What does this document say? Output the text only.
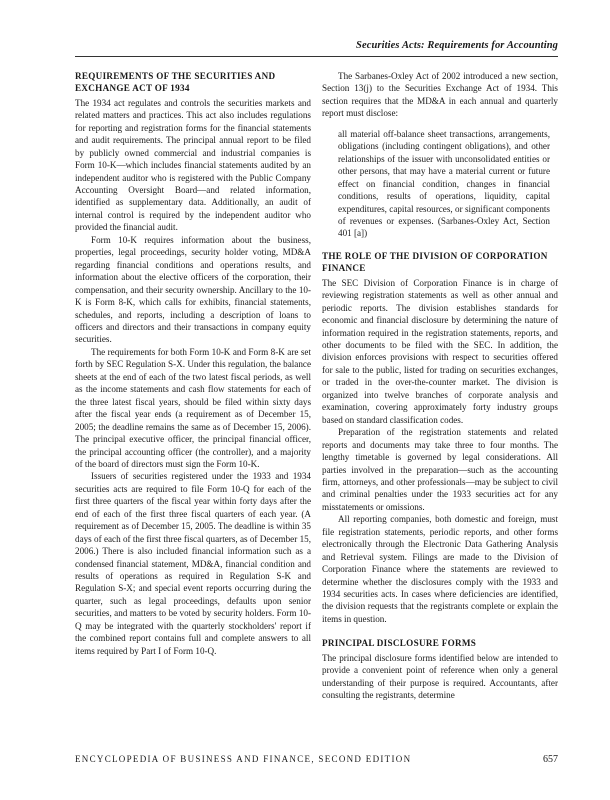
Securities Acts: Requirements for Accounting
REQUIREMENTS OF THE SECURITIES AND EXCHANGE ACT OF 1934

The 1934 act regulates and controls the securities markets and related matters and practices. This act also includes regulations for reporting and registration forms for the financial statements and audit requirements. The principal annual report to be filed by publicly owned commercial and industrial companies is Form 10-K—which includes financial statements audited by an independent auditor who is registered with the Public Company Accounting Oversight Board—and related information, identified as supplementary data. Additionally, an audit of internal control is required by the independent auditor who provided the financial audit.

Form 10-K requires information about the business, properties, legal proceedings, security holder voting, MD&A regarding financial conditions and operations results, and information about the elective officers of the corporation, their compensation, and their security ownership. Ancillary to the 10-K is Form 8-K, which calls for exhibits, financial statements, schedules, and reports, including a description of loans to officers and directors and their transactions in company equity securities.

The requirements for both Form 10-K and Form 8-K are set forth by SEC Regulation S-X. Under this regulation, the balance sheets at the end of each of the two latest fiscal periods, as well as the income statements and cash flow statements for each of the three latest fiscal years, should be filed within sixty days after the fiscal year ends (a requirement as of December 15, 2005; the deadline remains the same as of December 15, 2006). The principal executive officer, the principal financial officer, the principal accounting officer (the controller), and a majority of the board of directors must sign the Form 10-K.

Issuers of securities registered under the 1933 and 1934 securities acts are required to file Form 10-Q for each of the first three quarters of the fiscal year within forty days after the end of each of the first three fiscal quarters of each year. (A requirement as of December 15, 2005. The deadline is within 35 days of each of the first three fiscal quarters, as of December 15, 2006.) There is also included financial information such as a condensed financial statement, MD&A, financial condition and results of operations as required in Regulation S-K and Regulation S-X; and special event reports occurring during the quarter, such as legal proceedings, defaults upon senior securities, and matters to be voted by security holders. Form 10-Q may be integrated with the quarterly stockholders' report if the combined report contains full and complete answers to all items required by Part I of Form 10-Q.

The Sarbanes-Oxley Act of 2002 introduced a new section, Section 13(j) to the Securities Exchange Act of 1934. This section requires that the MD&A in each annual and quarterly report must disclose:

all material off-balance sheet transactions, arrangements, obligations (including contingent obligations), and other relationships of the issuer with unconsolidated entities or other persons, that may have a material current or future effect on financial condition, changes in financial conditions, results of operations, liquidity, capital expenditures, capital resources, or significant components of revenues or expenses. (Sarbanes-Oxley Act, Section 401 [a])
THE ROLE OF THE DIVISION OF CORPORATION FINANCE

The SEC Division of Corporation Finance is in charge of reviewing registration statements as well as other annual and periodic reports. The division establishes standards for economic and financial disclosure by determining the nature of information required in the registration statements, reports, and other documents to be filed with the SEC. In addition, the division enforces provisions with respect to securities offered for sale to the public, listed for trading on securities exchanges, or traded in the over-the-counter market. The division is organized into twelve branches of corporate analysis and examination, covering approximately forty industry groups based on standard classification codes.

Preparation of the registration statements and related reports and documents may take three to four months. The lengthy timetable is governed by legal considerations. All parties involved in the preparation—such as the accounting firm, attorneys, and other professionals—may be subject to civil and criminal penalties under the 1933 securities act for any misstatements or omissions.

All reporting companies, both domestic and foreign, must file registration statements, periodic reports, and other forms electronically through the Electronic Data Gathering Analysis and Retrieval system. Filings are made to the Division of Corporation Finance where the statements are reviewed to determine whether the disclosures comply with the 1933 and 1934 securities acts. In cases where deficiencies are identified, the division requests that the registrants complete or explain the items in question.

PRINCIPAL DISCLOSURE FORMS

The principal disclosure forms identified below are intended to provide a convenient point of reference when only a general understanding of their purpose is required. Accountants, after consulting the registrants, determine

ENCYCLOPEDIA OF BUSINESS AND FINANCE, SECOND EDITION	657
